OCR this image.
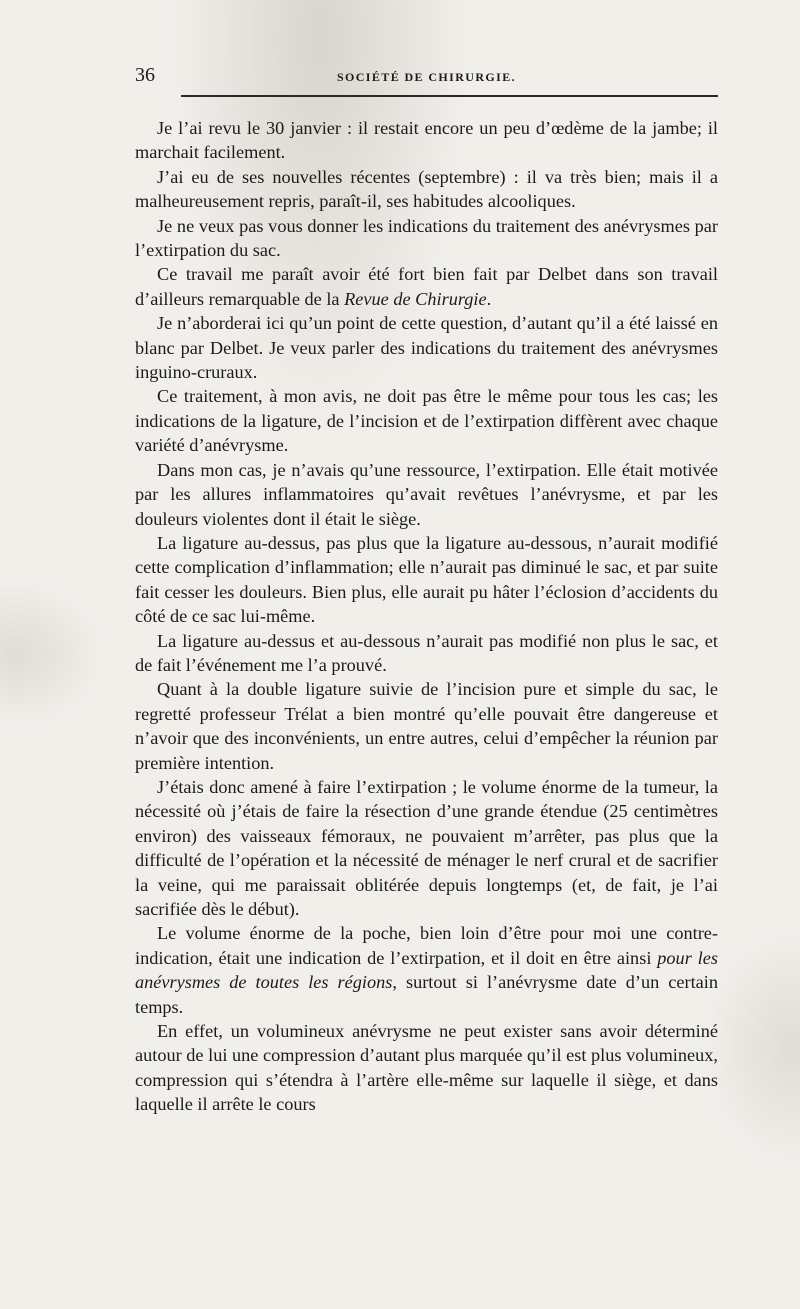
36	SOCIÉTÉ DE CHIRURGIE.

Je l’ai revu le 30 janvier : il restait encore un peu d’œdème de la jambe; il marchait facilement.

J’ai eu de ses nouvelles récentes (septembre) : il va très bien; mais il a malheureusement repris, paraît-il, ses habitudes alcooliques.

Je ne veux pas vous donner les indications du traitement des anévrysmes par l’extirpation du sac.

Ce travail me paraît avoir été fort bien fait par Delbet dans son travail d’ailleurs remarquable de la Revue de Chirurgie.

Je n’aborderai ici qu’un point de cette question, d’autant qu’il a été laissé en blanc par Delbet. Je veux parler des indications du traitement des anévrysmes inguino-cruraux.

Ce traitement, à mon avis, ne doit pas être le même pour tous les cas; les indications de la ligature, de l’incision et de l’extirpation diffèrent avec chaque variété d’anévrysme.

Dans mon cas, je n’avais qu’une ressource, l’extirpation. Elle était motivée par les allures inflammatoires qu’avait revêtues l’anévrysme, et par les douleurs violentes dont il était le siège.

La ligature au-dessus, pas plus que la ligature au-dessous, n’aurait modifié cette complication d’inflammation; elle n’aurait pas diminué le sac, et par suite fait cesser les douleurs. Bien plus, elle aurait pu hâter l’éclosion d’accidents du côté de ce sac lui-même.

La ligature au-dessus et au-dessous n’aurait pas modifié non plus le sac, et de fait l’événement me l’a prouvé.

Quant à la double ligature suivie de l’incision pure et simple du sac, le regretté professeur Trélat a bien montré qu’elle pouvait être dangereuse et n’avoir que des inconvénients, un entre autres, celui d’empêcher la réunion par première intention.

J’étais donc amené à faire l’extirpation ; le volume énorme de la tumeur, la nécessité où j’étais de faire la résection d’une grande étendue (25 centimètres environ) des vaisseaux fémoraux, ne pouvaient m’arrêter, pas plus que la difficulté de l’opération et la nécessité de ménager le nerf crural et de sacrifier la veine, qui me paraissait oblitérée depuis longtemps (et, de fait, je l’ai sacrifiée dès le début).

Le volume énorme de la poche, bien loin d’être pour moi une contre-indication, était une indication de l’extirpation, et il doit en être ainsi pour les anévrysmes de toutes les régions, surtout si l’anévrysme date d’un certain temps.

En effet, un volumineux anévrysme ne peut exister sans avoir déterminé autour de lui une compression d’autant plus marquée qu’il est plus volumineux, compression qui s’étendra à l’artère elle-même sur laquelle il siège, et dans laquelle il arrête le cours
